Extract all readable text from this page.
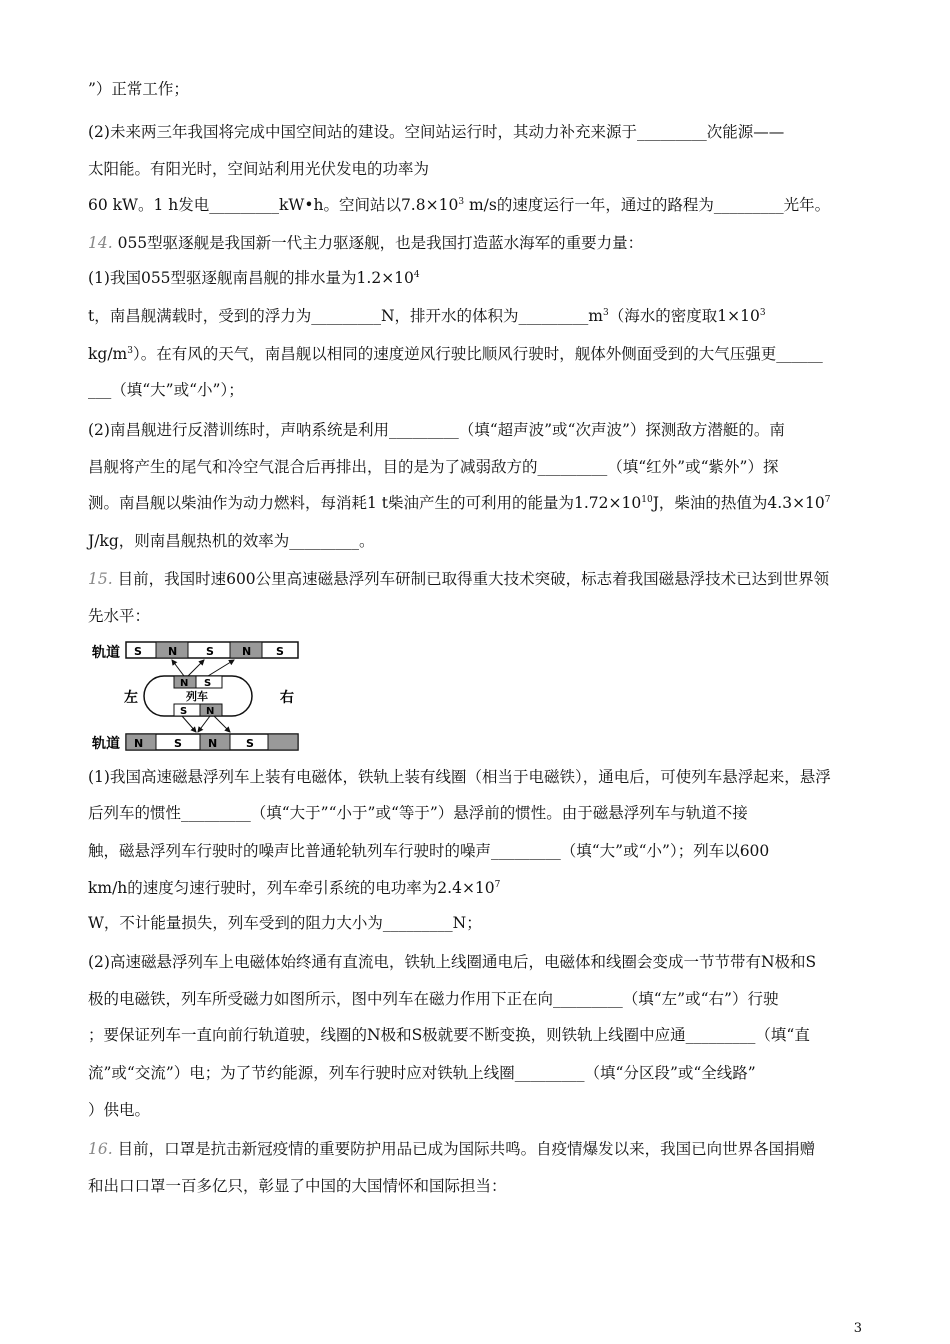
”）正常工作；
(2)未来两三年我国将完成中国空间站的建设。空间站运行时，其动力补充来源于_________次能源——
太阳能。有阳光时，空间站利用光伏发电的功率为
60 kW。1 h发电_________kW•h。空间站以$7.8\times 10^3$ m/s的速度运行一年，通过的路程为_________光年。
14. 055型驱逐舰是我国新一代主力驱逐舰，也是我国打造蓝水海军的重要力量：
(1)我国055型驱逐舰南昌舰的排水量为$1.2\times 10^4$
t，南昌舰满载时，受到的浮力为_________N，排开水的体积为$\_\_\_\_\_\_\_\_\_m^3$（海水的密度取$1\times 10^3$
$kg/m^3$）。在有风的天气，南昌舰以相同的速度逆风行驶比顺风行驶时，舰体外侧面受到的大气压强更______
___（填“大”或“小”）；
(2)南昌舰进行反潜训练时，声呐系统是利用_________（填“超声波”或“次声波”）探测敌方潜艇的。南
昌舰将产生的尾气和冷空气混合后再排出，目的是为了减弱敌方的_________（填“红外”或“紫外”）探
测。南昌舰以柴油作为动力燃料，每消耗1 t柴油产生的可利用的能量为$1.72\times 10^{10}J$，柴油的热值为$4.3\times 10^7$
J/kg，则南昌舰热机的效率为_________。
15. 目前，我国时速600公里高速磁悬浮列车研制已取得重大技术突破，标志着我国磁悬浮技术已达到世界领
先水平：
轨道 S N	S	N S
左	右
N S
列车
S N
轨道 N	S N	S
(1)我国高速磁悬浮列车上装有电磁体，铁轨上装有线圈（相当于电磁铁），通电后，可使列车悬浮起来，悬浮
后列车的惯性_________（填“大于”“小于”或“等于”）悬浮前的惯性。由于磁悬浮列车与轨道不接
触，磁悬浮列车行驶时的噪声比普通轮轨列车行驶时的噪声_________（填“大”或“小”）；列车以600
km/h的速度匀速行驶时，列车牵引系统的电功率为$2.4\times 10^7$
W，不计能量损失，列车受到的阻力大小为_________N；
(2)高速磁悬浮列车上电磁体始终通有直流电，铁轨上线圈通电后，电磁体和线圈会变成一节节带有N极和S
极的电磁铁，列车所受磁力如图所示，图中列车在磁力作用下正在向_________（填“左”或“右”）行驶
；要保证列车一直向前行轨道驶，线圈的N极和S极就要不断变换，则铁轨上线圈中应通_________（填“直
流”或“交流”）电；为了节约能源，列车行驶时应对铁轨上线圈_________（填“分区段”或“全线路”
）供电。
16. 目前，口罩是抗击新冠疫情的重要防护用品已成为国际共鸣。自疫情爆发以来，我国已向世界各国捐赠
和出口口罩一百多亿只，彰显了中国的大国情怀和国际担当：
3
